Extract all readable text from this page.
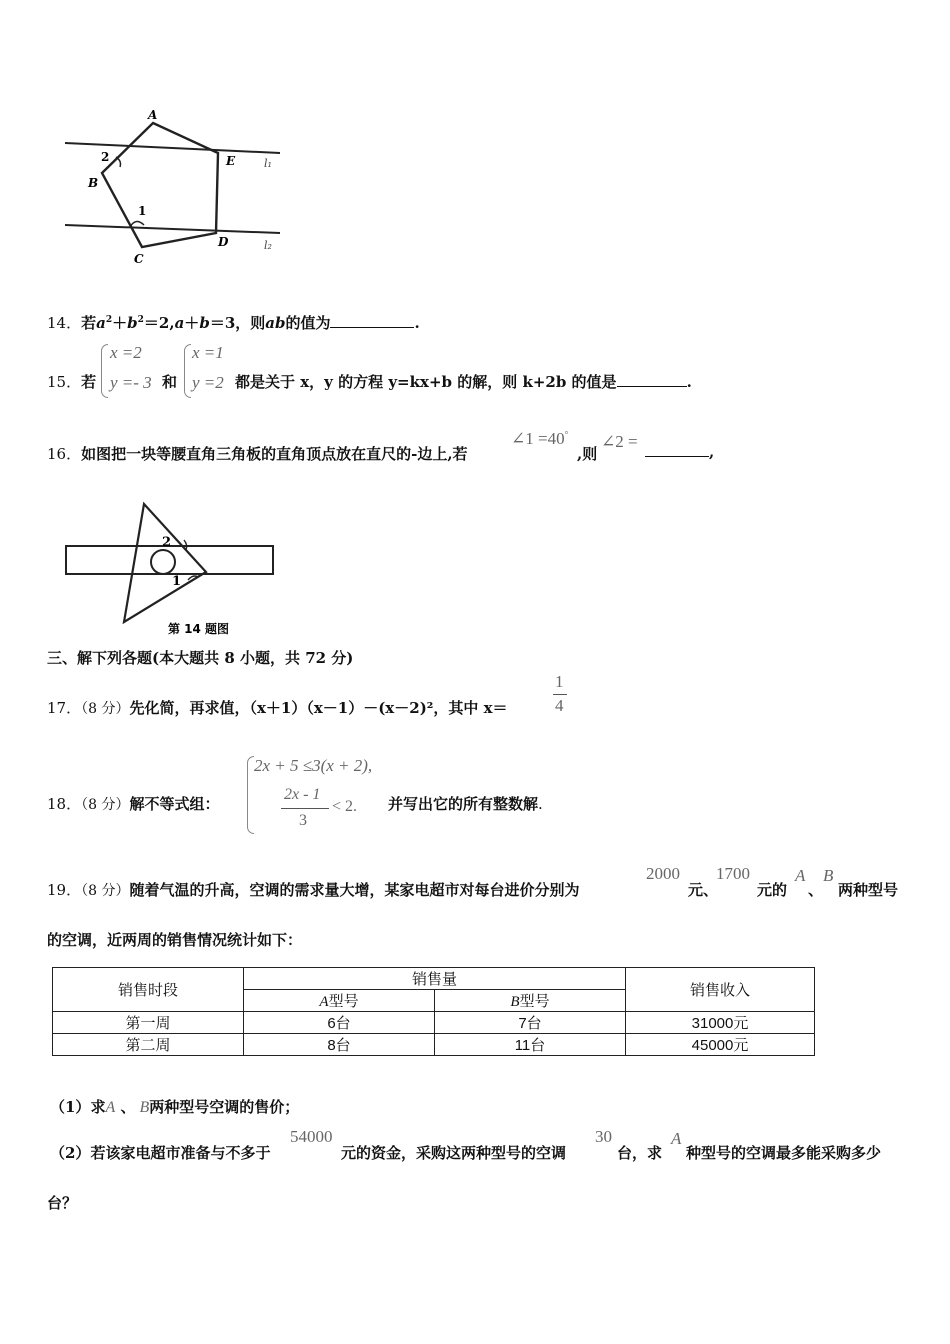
A
B
C
D
E	l₁
l₂
2
1
14．若$a^2+b^2=2,a+b=3$，则ab的值为	.
15．若
x =2
y =- 3 和
x =1
y =2 都是关于 x，y 的方程 y=kx+b 的解，则 k+2b 的值是	.
16．如图把一块等腰直角三角板的直角顶点放在直尺的-边上,若
∠1 =40°
,则
∠2 =
,
2
1
第 14 题图
三、解下列各题(本大题共 8 小题，共 72 分)
17．（8 分）先化简，再求值，（x＋1）（x－1）－(x－2)²，其中 x＝
1
4
18．（8 分）解不等式组：
2x + 5 ≤3(x + 2),
2x - 1
3
< 2. 并写出它的所有整数解.
19．（8 分）随着气温的升高，空调的需求量大增，某家电超市对每台进价分别为
2000
元、
1700
元的
A
、
B
两种型号
的空调，近两周的销售情况统计如下：
销售时段	销售量		销售收入
	A型号	B型号	
第一周	6台	7台	31000元
第二周	8台	11台	45000元
（1）求A 、 B两种型号空调的售价；
（2）若该家电超市准备与不多于
54000
元的资金，采购这两种型号的空调
30
台，求
A
种型号的空调最多能采购多少
台？
